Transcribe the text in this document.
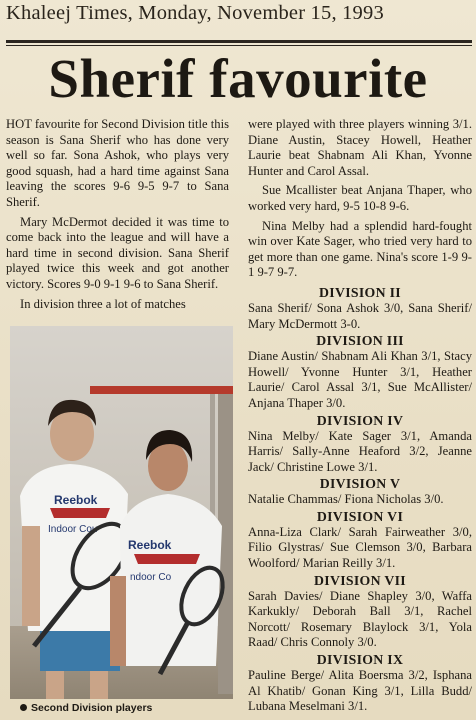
Khaleej Times, Monday, November 15, 1993
Sherif favourite

HOT favourite for Second Division title this season is Sana Sherif who has done very well so far. Sona Ashok, who plays very good squash, had a hard time against Sana leaving the scores 9-6 9-5 9-7 to Sana Sherif.

Mary McDermot decided it was time to come back into the league and will have a hard time in second division. Sana Sherif played twice this week and got another victory. Scores 9-0 9-1 9-6 to Sana Sherif.

In division three a lot of matches

Reebok
Indoor Cou
Reebok
ndoor Co
Second Division players

were played with three players winning 3/1. Diane Austin, Stacey Howell, Heather Laurie beat Shabnam Ali Khan, Yvonne Hunter and Carol Assal.

Sue Mcallister beat Anjana Thaper, who worked very hard, 9-5 10-8 9-6.

Nina Melby had a splendid hard-fought win over Kate Sager, who tried very hard to get more than one game. Nina's score 1-9 9-1 9-7 9-7.

DIVISION II
Sana Sherif/ Sona Ashok 3/0, Sana Sherif/ Mary McDermott 3-0.
DIVISION III
Diane Austin/ Shabnam Ali Khan 3/1, Stacy Howell/ Yvonne Hunter 3/1, Heather Laurie/ Carol Assal 3/1, Sue McAllister/ Anjana Thaper 3/0.
DIVISION IV
Nina Melby/ Kate Sager 3/1, Amanda Harris/ Sally-Anne Heaford 3/2, Jeanne Jack/ Christine Lowe 3/1.
DIVISION V
Natalie Chammas/ Fiona Nicholas 3/0.
DIVISION VI
Anna-Liza Clark/ Sarah Fairweather 3/0, Filio Glystras/ Sue Clemson 3/0, Barbara Woolford/ Marian Reilly 3/1.
DIVISION VII
Sarah Davies/ Diane Shapley 3/0, Waffa Karkukly/ Deborah Ball 3/1, Rachel Norcott/ Rosemary Blaylock 3/1, Yola Raad/ Chris Connoly 3/0.
DIVISION IX
Pauline Berge/ Alita Boersma 3/2, Isphana Al Khatib/ Gonan King 3/1, Lilla Budd/ Lubana Meselmani 3/1.
